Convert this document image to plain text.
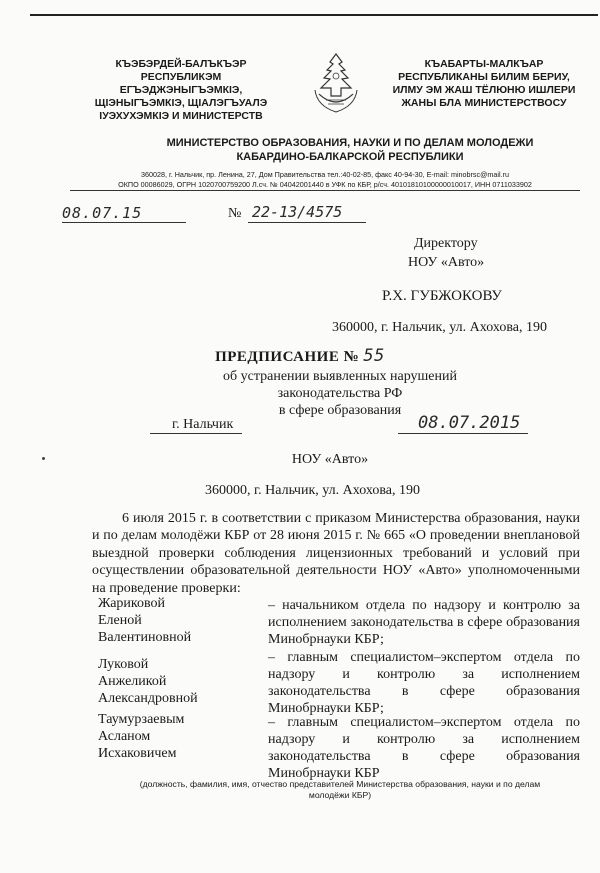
КЪЭБЭРДЕЙ-БАЛЪКЪЭР
РЕСПУБЛИКЭМ
ЕГЪЭДЖЭНЫГЪЭМКIЭ,
ЩIЭНЫГЪЭМКIЭ, ЩIАЛЭГЪУАЛЭ
IУЭХУХЭМКIЭ И МИНИСТЕРСТВ
КЪАБАРТЫ-МАЛКЪАР
РЕСПУБЛИКАНЫ БИЛИМ БЕРИУ,
ИЛМУ ЭМ ЖАШ ТЁЛЮНЮ ИШЛЕРИ
ЖАНЫ БЛА МИНИСТЕРСТВОСУ
МИНИСТЕРСТВО ОБРАЗОВАНИЯ, НАУКИ И ПО ДЕЛАМ МОЛОДЕЖИ
КАБАРДИНО-БАЛКАРСКОЙ РЕСПУБЛИКИ
360028, г. Нальчик, пр. Ленина, 27, Дом Правительства тел.:40-02-85, факс 40-94-30, E-mail: minobrsc@mail.ru
ОКПО 00086029, ОГРН 1020700759200 Л.сч. № 04042001440 в УФК по КБР, р/сч. 40101810100000010017, ИНН 0711033902
08.07.15	№ 22-13/4575
Директору
НОУ «Авто»
Р.Х. ГУБЖОКОВУ
360000, г. Нальчик, ул. Ахохова, 190
ПРЕДПИСАНИЕ № 55
об устранении выявленных нарушений законодательства РФ
в сфере образования
г. Нальчик	08.07.2015
НОУ «Авто»
360000, г. Нальчик, ул. Ахохова, 190
6 июля 2015 г. в соответствии с приказом Министерства образования, науки и по делам молодёжи КБР от 28 июня 2015 г. № 665 «О проведении внеплановой выездной проверки соблюдения лицензионных требований и условий при осуществлении образовательной деятельности НОУ «Авто» уполномоченными на проведение проверки:
Жариковой
Еленой
Валентиновной
– начальником отдела по надзору и контролю за исполнением законодательства в сфере образования Минобрнауки КБР;
Луковой
Анжеликой
Александровной
– главным специалистом–экспертом отдела по надзору и контролю за исполнением законодательства в сфере образования Минобрнауки КБР;
Таумурзаевым
Асланом
Исхаковичем
– главным специалистом–экспертом отдела по надзору и контролю за исполнением законодательства в сфере образования Минобрнауки КБР
(должность, фамилия, имя, отчество представителей Министерства образования, науки и по делам
молодёжи КБР)
